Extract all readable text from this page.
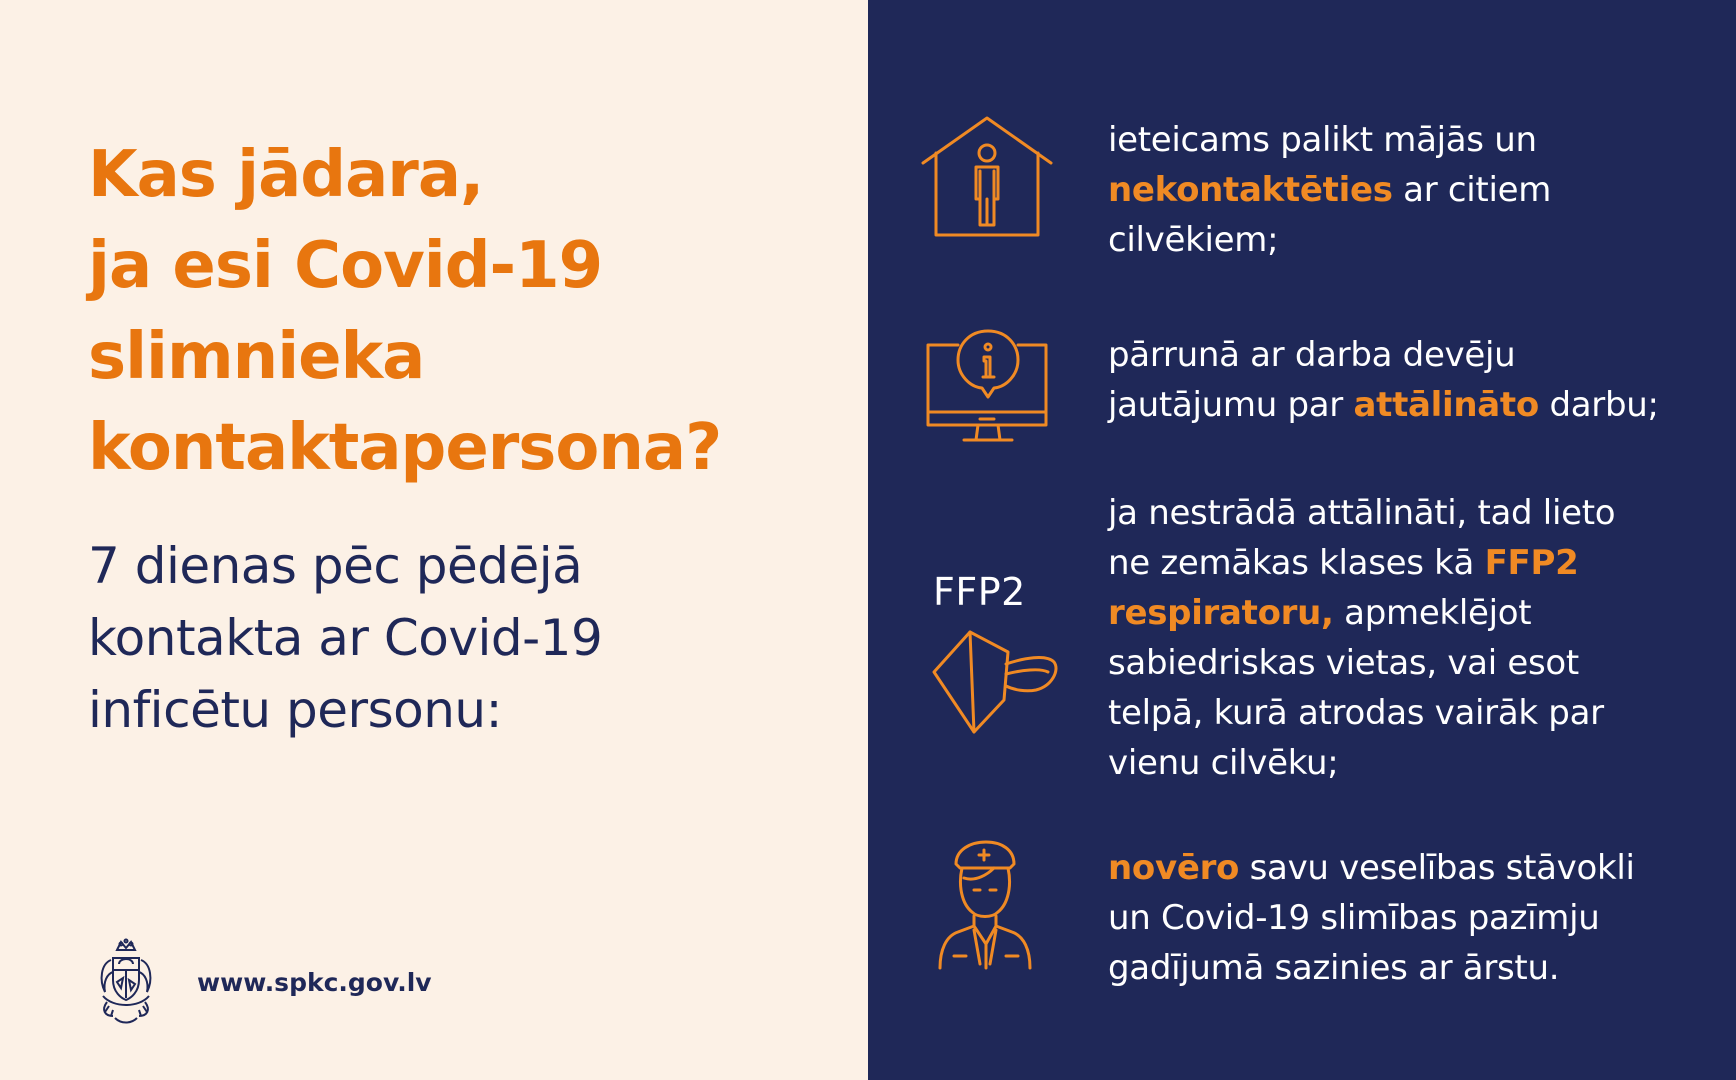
Kas jādara,
ja esi Covid-19
slimnieka
kontaktapersona?

7 dienas pēc pēdējā
kontakta ar Covid-19
inficētu personu:

www.spkc.gov.lv
ieteicams palikt mājās un
nekontaktēties ar citiem
cilvēkiem;
pārrunā ar darba devēju
jautājumu par attālināto darbu;
ja nestrādā attālināti, tad lieto
ne zemākas klases kā FFP2
respiratoru, apmeklējot
sabiedriskas vietas, vai esot
telpā, kurā atrodas vairāk par
vienu cilvēku;
novēro savu veselības stāvokli
un Covid-19 slimības pazīmju
gadījumā sazinies ar ārstu.
FFP2
